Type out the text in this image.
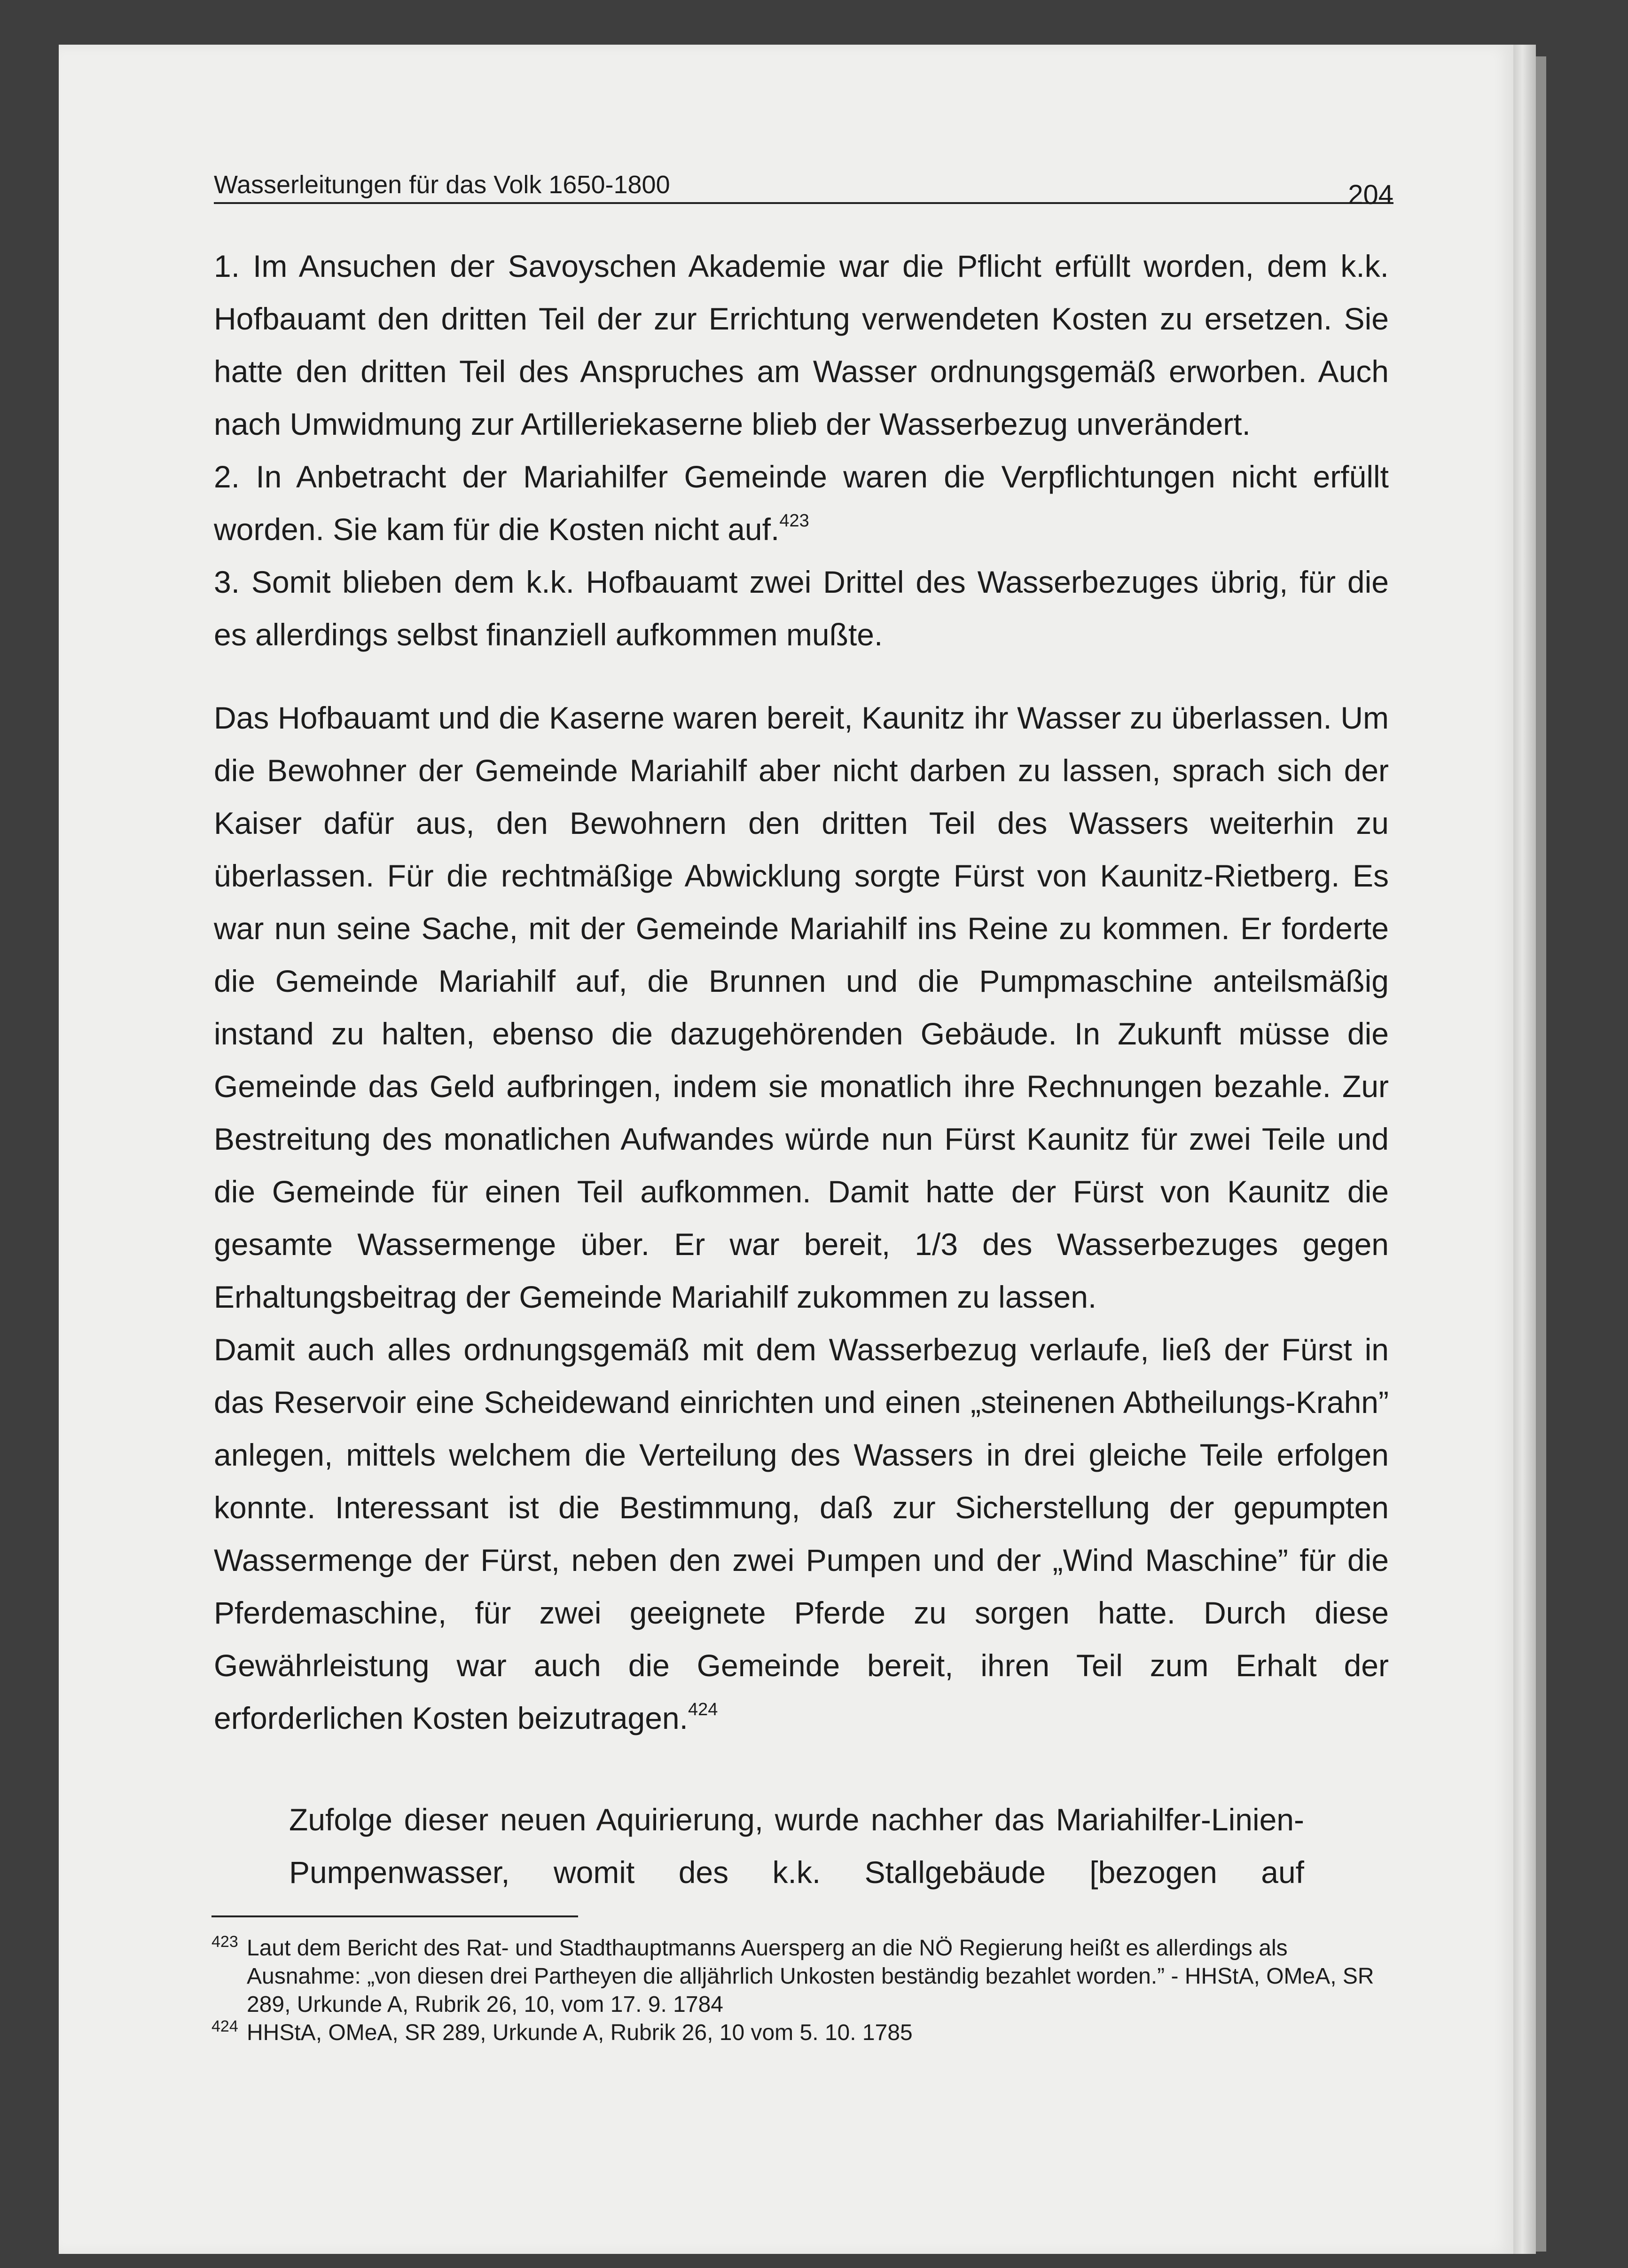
Wasserleitungen für das Volk 1650-1800	204

1. Im Ansuchen der Savoyschen Akademie war die Pflicht erfüllt worden, dem k.k. Hofbauamt den dritten Teil der zur Errichtung verwendeten Kosten zu ersetzen. Sie hatte den dritten Teil des Anspruches am Wasser ordnungsgemäß erworben. Auch nach Umwidmung zur Artilleriekaserne blieb der Wasserbezug unverändert.

2. In Anbetracht der Mariahilfer Gemeinde waren die Verpflichtungen nicht erfüllt worden. Sie kam für die Kosten nicht auf.$^{423}$

3. Somit blieben dem k.k. Hofbauamt zwei Drittel des Wasserbezuges übrig, für die es allerdings selbst finanziell aufkommen mußte.

Das Hofbauamt und die Kaserne waren bereit, Kaunitz ihr Wasser zu überlassen. Um die Bewohner der Gemeinde Mariahilf aber nicht darben zu lassen, sprach sich der Kaiser dafür aus, den Bewohnern den dritten Teil des Wassers weiterhin zu überlassen. Für die rechtmäßige Abwicklung sorgte Fürst von Kaunitz-Rietberg. Es war nun seine Sache, mit der Gemeinde Mariahilf ins Reine zu kommen. Er forderte die Gemeinde Mariahilf auf, die Brunnen und die Pumpmaschine anteilsmäßig instand zu halten, ebenso die dazugehörenden Gebäude. In Zukunft müsse die Gemeinde das Geld aufbringen, indem sie monatlich ihre Rechnungen bezahle. Zur Bestreitung des monatlichen Aufwandes würde nun Fürst Kaunitz für zwei Teile und die Gemeinde für einen Teil aufkommen. Damit hatte der Fürst von Kaunitz die gesamte Wassermenge über. Er war bereit, 1/3 des Wasserbezuges gegen Erhaltungsbeitrag der Gemeinde Mariahilf zukommen zu lassen.

Damit auch alles ordnungsgemäß mit dem Wasserbezug verlaufe, ließ der Fürst in das Reservoir eine Scheidewand einrichten und einen „steinenen Abtheilungs-Krahn” anlegen, mittels welchem die Verteilung des Wassers in drei gleiche Teile erfolgen konnte. Interessant ist die Bestimmung, daß zur Sicherstellung der gepumpten Wassermenge der Fürst, neben den zwei Pumpen und der „Wind Maschine” für die Pferdemaschine, für zwei geeignete Pferde zu sorgen hatte. Durch diese Gewährleistung war auch die Gemeinde bereit, ihren Teil zum Erhalt der erforderlichen Kosten beizutragen.$^{424}$

Zufolge dieser neuen Aquirierung, wurde nachher das Mariahilfer-Linien-

Pumpenwasser, womit des k.k. Stallgebäude [bezogen auf

423 Laut dem Bericht des Rat- und Stadthauptmanns Auersperg an die NÖ Regierung heißt es allerdings als Ausnahme: „von diesen drei Partheyen die alljährlich Unkosten beständig bezahlet worden.” - HHStA, OMeA, SR 289, Urkunde A, Rubrik 26, 10, vom 17. 9. 1784
424 HHStA, OMeA, SR 289, Urkunde A, Rubrik 26, 10 vom 5. 10. 1785
